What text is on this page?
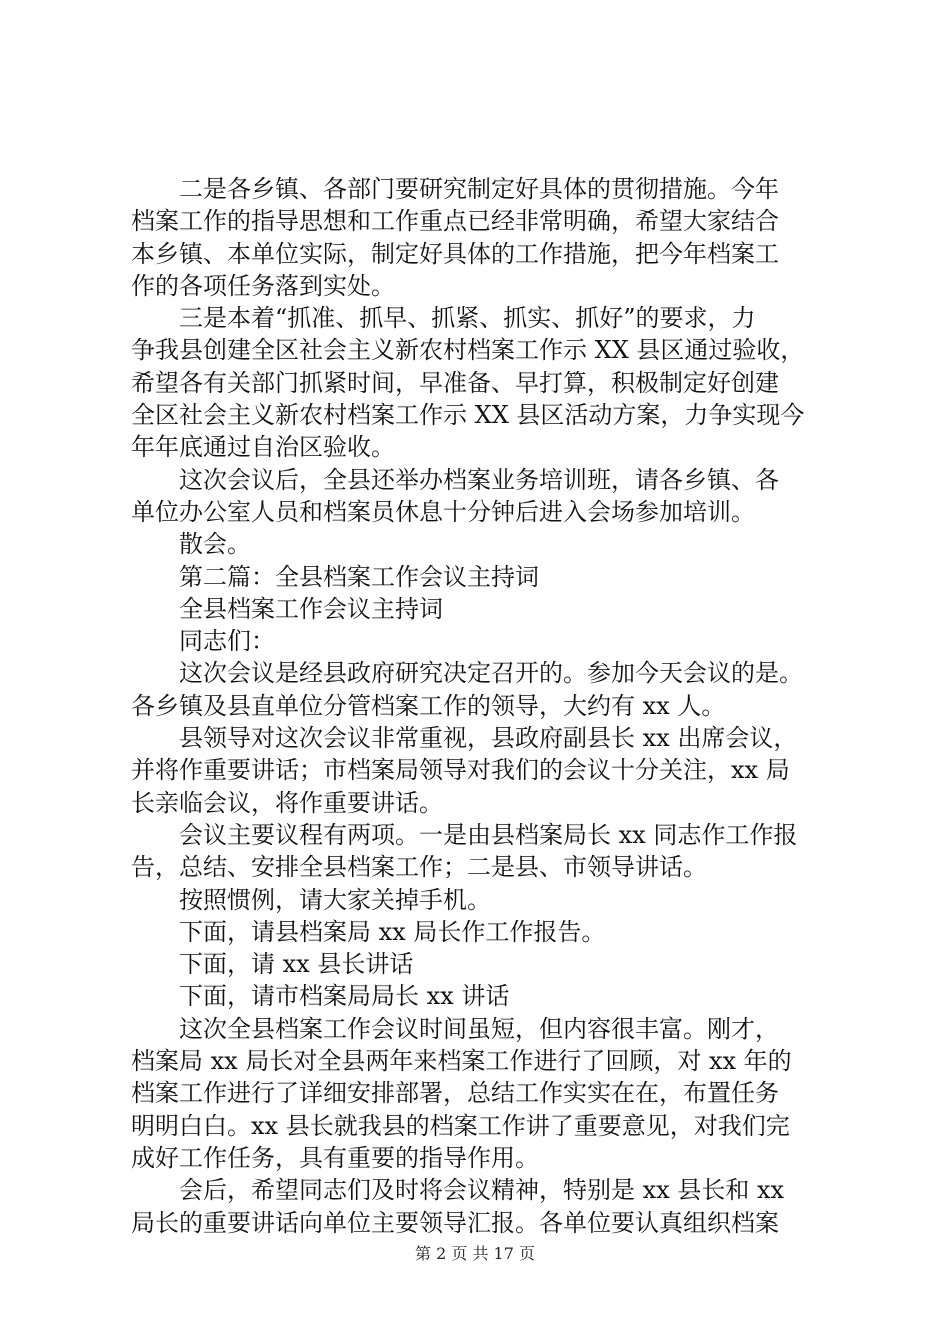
二是各乡镇、各部门要研究制定好具体的贯彻措施。今年
档案工作的指导思想和工作重点已经非常明确，希望大家结合
本乡镇、本单位实际，制定好具体的工作措施，把今年档案工
作的各项任务落到实处。
三是本着“抓准、抓早、抓紧、抓实、抓好”的要求，力
争我县创建全区社会主义新农村档案工作示 XX 县区通过验收，
希望各有关部门抓紧时间，早准备、早打算，积极制定好创建
全区社会主义新农村档案工作示 XX 县区活动方案，力争实现今
年年底通过自治区验收。
这次会议后，全县还举办档案业务培训班，请各乡镇、各
单位办公室人员和档案员休息十分钟后进入会场参加培训。
散会。
第二篇：全县档案工作会议主持词
全县档案工作会议主持词
同志们：
这次会议是经县政府研究决定召开的。参加今天会议的是。
各乡镇及县直单位分管档案工作的领导，大约有 xx 人。
县领导对这次会议非常重视，县政府副县长 xx 出席会议，
并将作重要讲话；市档案局领导对我们的会议十分关注，xx 局
长亲临会议，将作重要讲话。
会议主要议程有两项。一是由县档案局长 xx 同志作工作报
告，总结、安排全县档案工作；二是县、市领导讲话。
按照惯例，请大家关掉手机。
下面，请县档案局 xx 局长作工作报告。
下面，请 xx 县长讲话
下面，请市档案局局长 xx 讲话
这次全县档案工作会议时间虽短，但内容很丰富。刚才，
档案局 xx 局长对全县两年来档案工作进行了回顾，对 xx 年的
档案工作进行了详细安排部署，总结工作实实在在，布置任务
明明白白。xx 县长就我县的档案工作讲了重要意见，对我们完
成好工作任务，具有重要的指导作用。
会后，希望同志们及时将会议精神，特别是 xx 县长和 xx
局长的重要讲话向单位主要领导汇报。各单位要认真组织档案
第 2 页 共 17 页
